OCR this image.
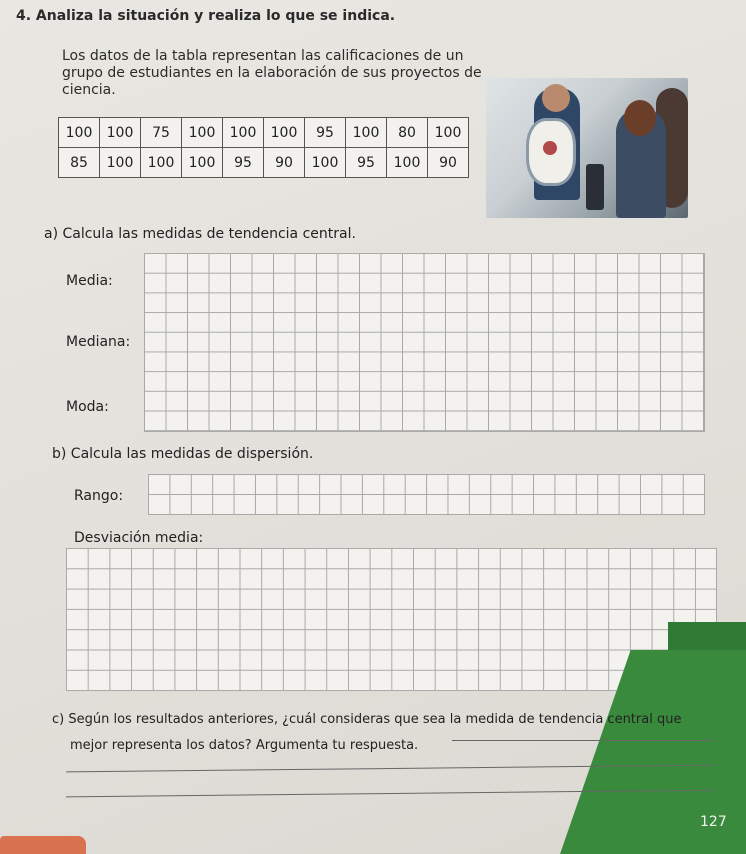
4. Analiza la situación y realiza lo que se indica.
Los datos de la tabla representan las calificaciones de un grupo de estudiantes en la elaboración de sus proyectos de ciencia.
100	100	75	100	100	100	95	100	80	100
85	100	100	100	95	90	100	95	100	90
a) Calcula las medidas de tendencia central.
Media:
Mediana:
Moda:
b) Calcula las medidas de dispersión.
Rango:
Desviación media:
c) Según los resultados anteriores, ¿cuál consideras que sea la medida de tendencia central que
mejor representa los datos? Argumenta tu respuesta.
127
